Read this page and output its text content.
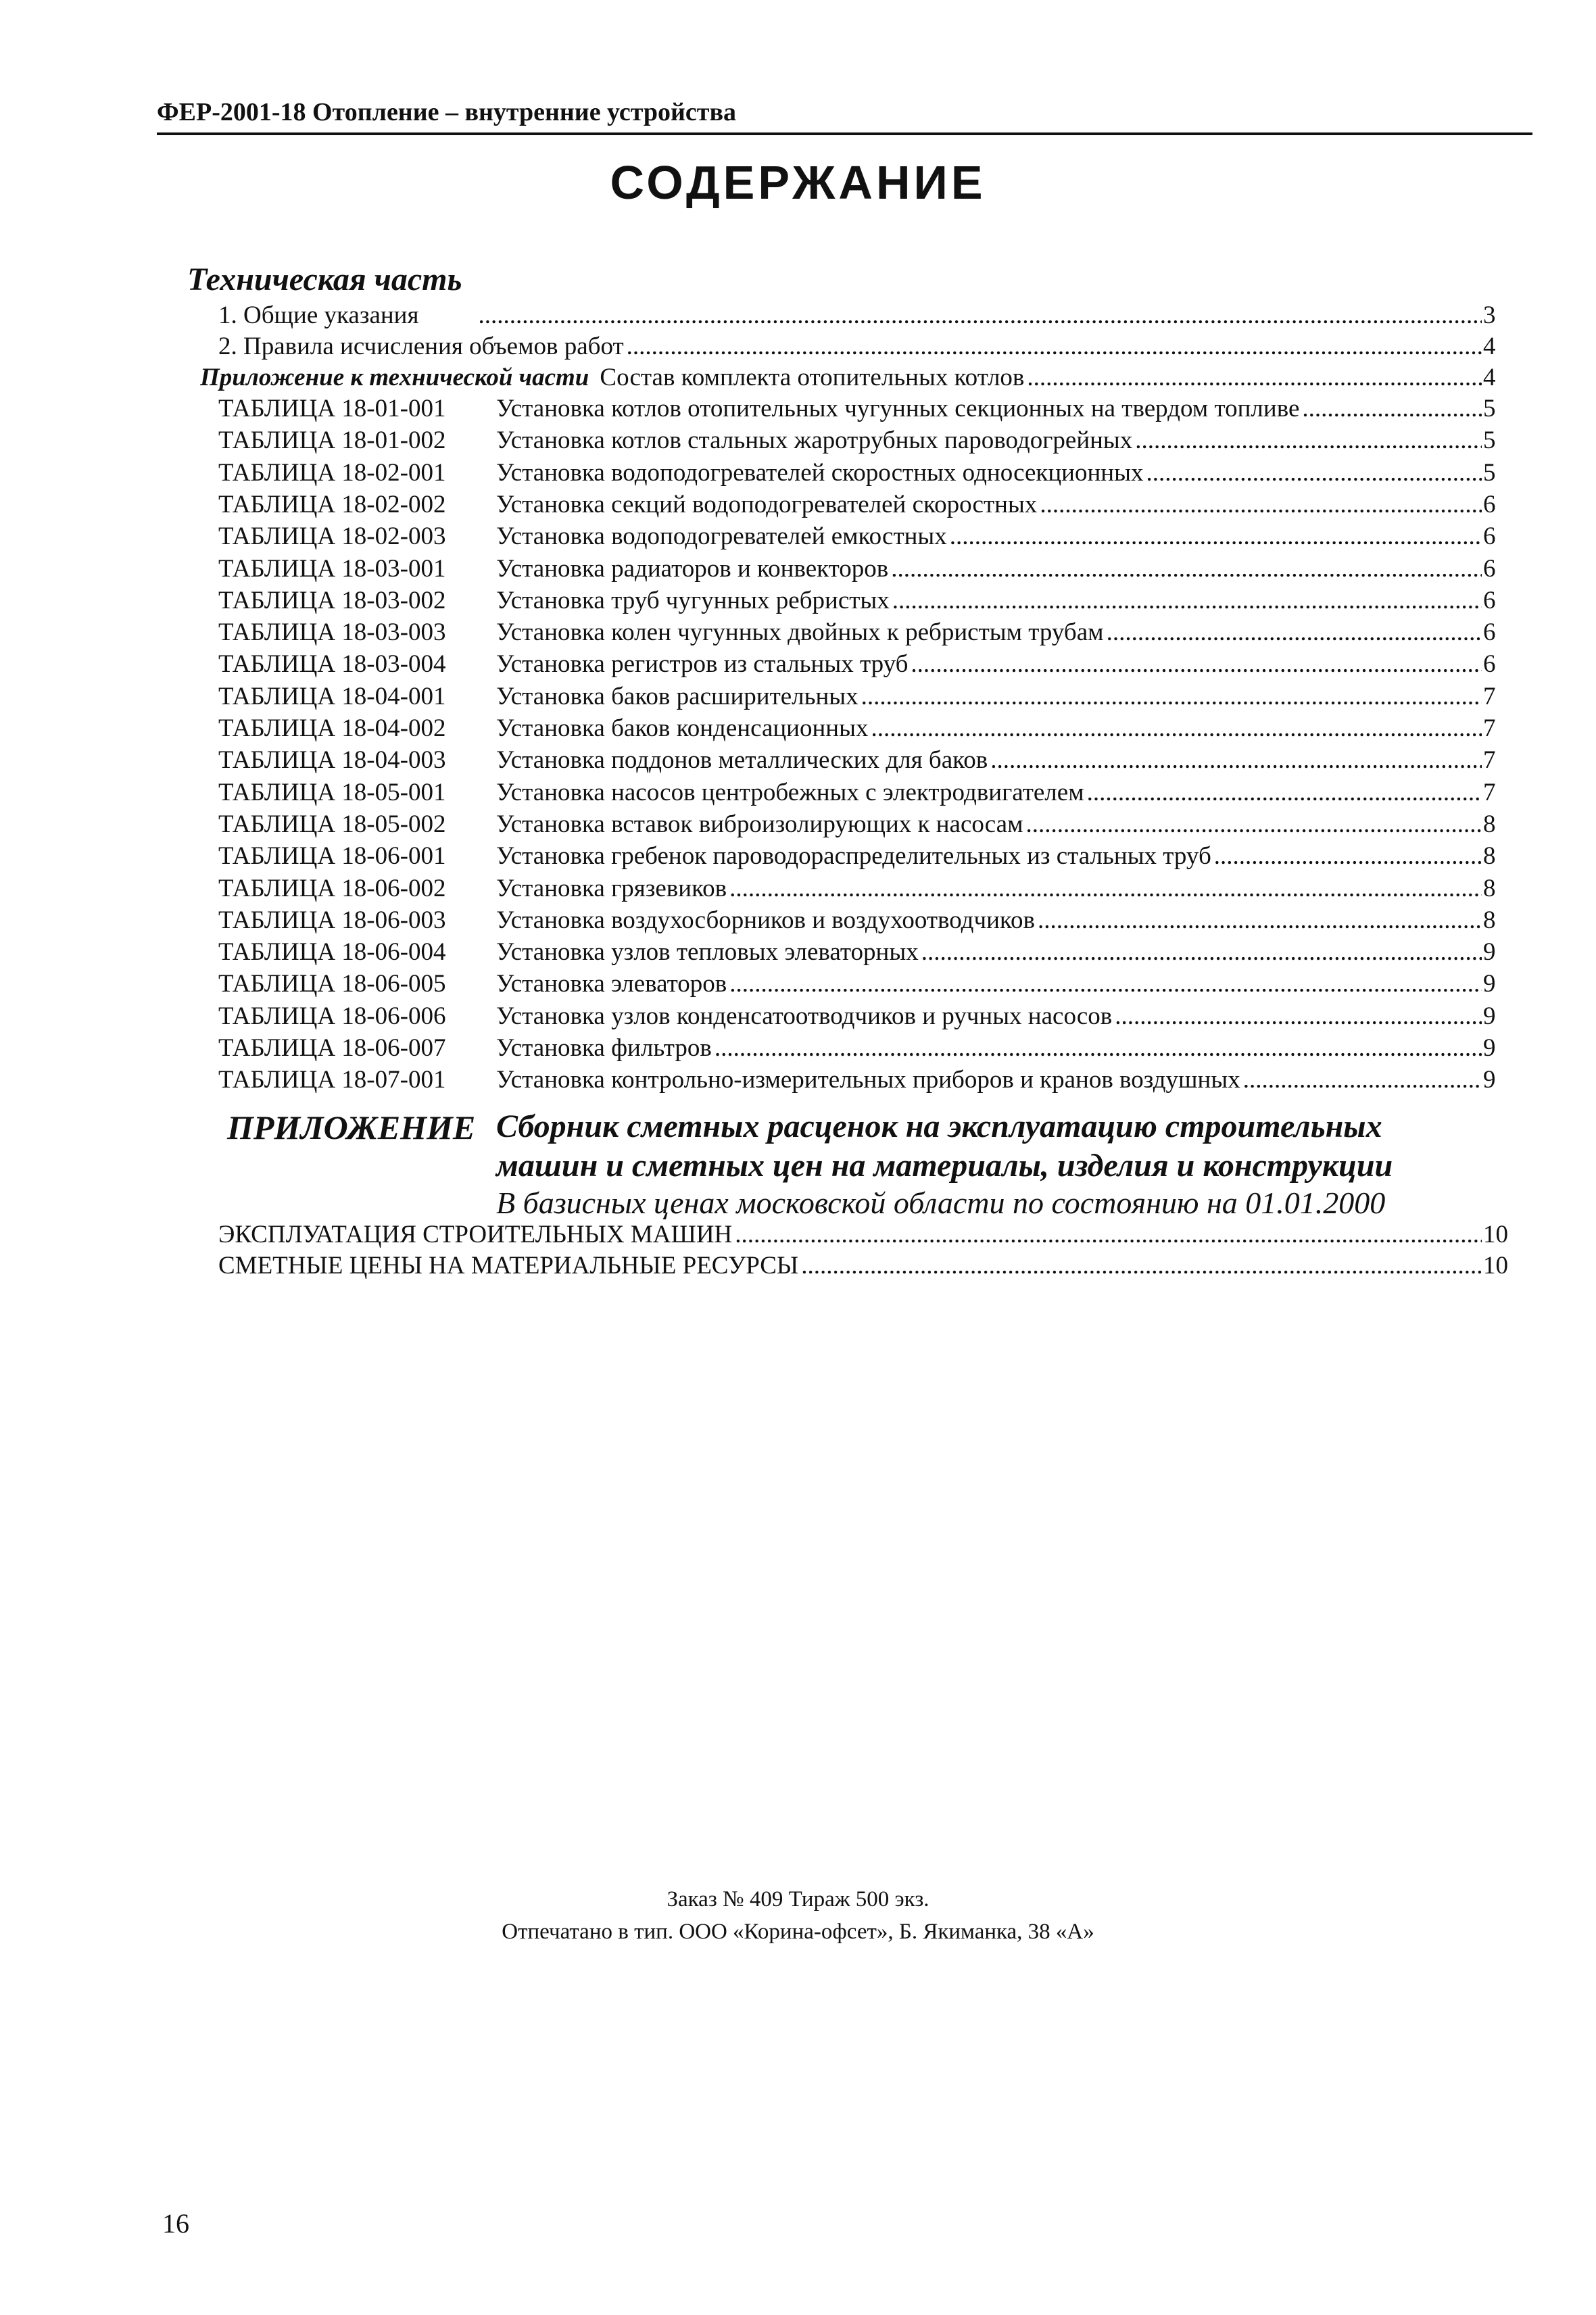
ФЕР-2001-18 Отопление – внутренние устройства
СОДЕРЖАНИЕ
Техническая часть
1. Общие указания .....	3
2. Правила исчисления объемов работ .....	4
Приложение к технической части Состав комплекта отопительных котлов .....	4
ТАБЛИЦА 18-01-001 Установка котлов отопительных чугунных секционных на твердом топливе .....	5
ТАБЛИЦА 18-01-002 Установка котлов стальных жаротрубных пароводогрейных .....	5
ТАБЛИЦА 18-02-001 Установка водоподогревателей скоростных односекционных .....	5
ТАБЛИЦА 18-02-002 Установка секций водоподогревателей скоростных .....	6
ТАБЛИЦА 18-02-003 Установка водоподогревателей емкостных .....	6
ТАБЛИЦА 18-03-001 Установка радиаторов и конвекторов .....	6
ТАБЛИЦА 18-03-002 Установка труб чугунных ребристых .....	6
ТАБЛИЦА 18-03-003 Установка колен чугунных двойных к ребристым трубам .....	6
ТАБЛИЦА 18-03-004 Установка регистров из стальных труб .....	6
ТАБЛИЦА 18-04-001 Установка баков расширительных .....	7
ТАБЛИЦА 18-04-002 Установка баков конденсационных .....	7
ТАБЛИЦА 18-04-003 Установка поддонов металлических для баков .....	7
ТАБЛИЦА 18-05-001 Установка насосов центробежных с электродвигателем .....	7
ТАБЛИЦА 18-05-002 Установка вставок виброизолирующих к насосам .....	8
ТАБЛИЦА 18-06-001 Установка гребенок пароводораспределительных из стальных труб .....	8
ТАБЛИЦА 18-06-002 Установка грязевиков .....	8
ТАБЛИЦА 18-06-003 Установка воздухосборников и воздухоотводчиков .....	8
ТАБЛИЦА 18-06-004 Установка узлов тепловых элеваторных .....	9
ТАБЛИЦА 18-06-005 Установка элеваторов .....	9
ТАБЛИЦА 18-06-006 Установка узлов конденсатоотводчиков и ручных насосов .....	9
ТАБЛИЦА 18-06-007 Установка фильтров .....	9
ТАБЛИЦА 18-07-001 Установка контрольно-измерительных приборов и кранов воздушных .....	9
ПРИЛОЖЕНИЕ Сборник сметных расценок на эксплуатацию строительных
машин и сметных цен на материалы, изделия и конструкции
В базисных ценах московской области по состоянию на 01.01.2000
ЭКСПЛУАТАЦИЯ СТРОИТЕЛЬНЫХ МАШИН .....	10
СМЕТНЫЕ ЦЕНЫ НА МАТЕРИАЛЬНЫЕ РЕСУРСЫ .....	10
Заказ № 409 Тираж 500 экз.
Отпечатано в тип. ООО «Корина-офсет», Б. Якиманка, 38 «А»
16
